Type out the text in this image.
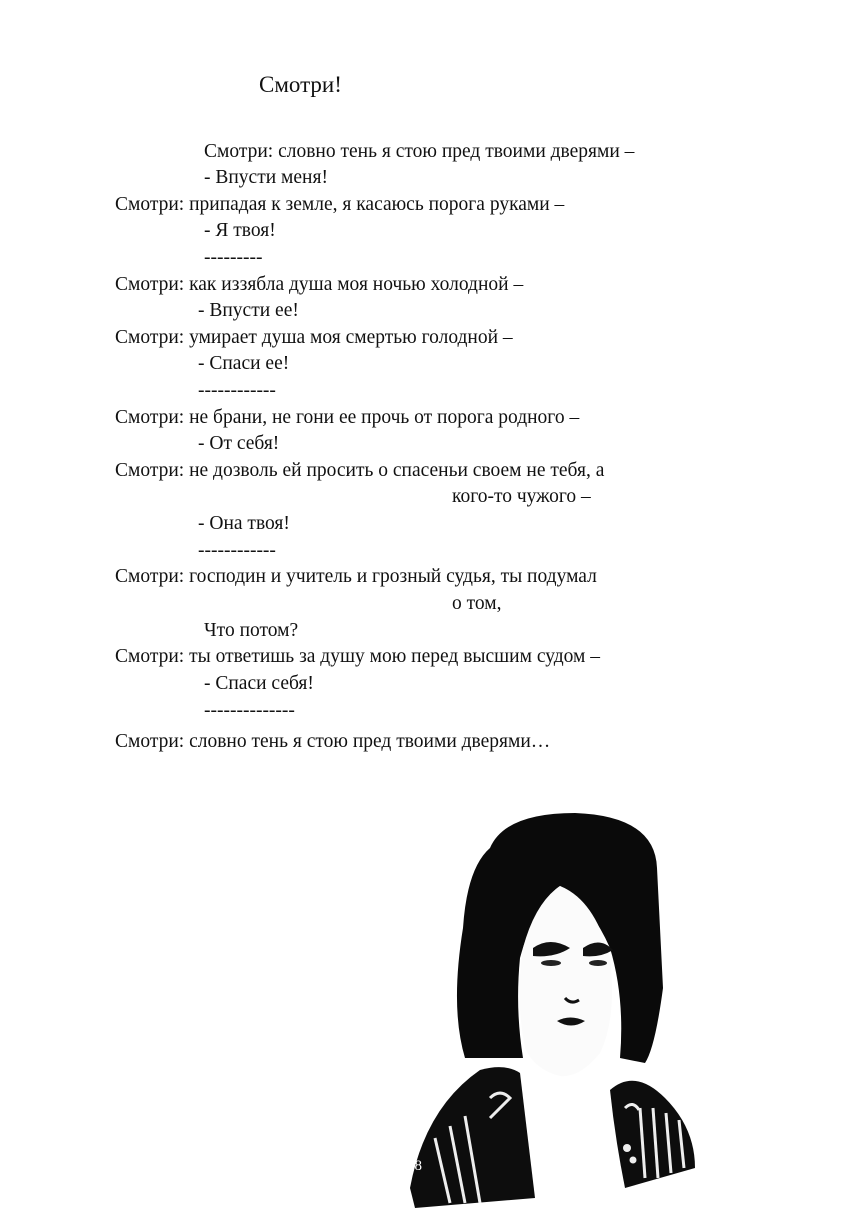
Смотри!
Смотри: словно тень я стою пред твоими дверями –
- Впусти меня!
Смотри: припадая к земле, я касаюсь порога руками –
- Я твоя!
---------
Смотри: как иззябла душа моя ночью холодной –
- Впусти ее!
Смотри: умирает душа моя смертью голодной –
- Спаси ее!
------------
Смотри: не брани, не гони ее прочь от порога родного –
- От себя!
Смотри: не дозволь ей просить о спасеньи своем не тебя, а
кого-то чужого –
- Она твоя!
------------
Смотри: господин и учитель и грозный судья, ты подумал
о том,
Что потом?
Смотри: ты ответишь за душу мою перед высшим судом –
- Спаси себя!
--------------
Смотри: словно тень я стою пред твоими дверями…
38
